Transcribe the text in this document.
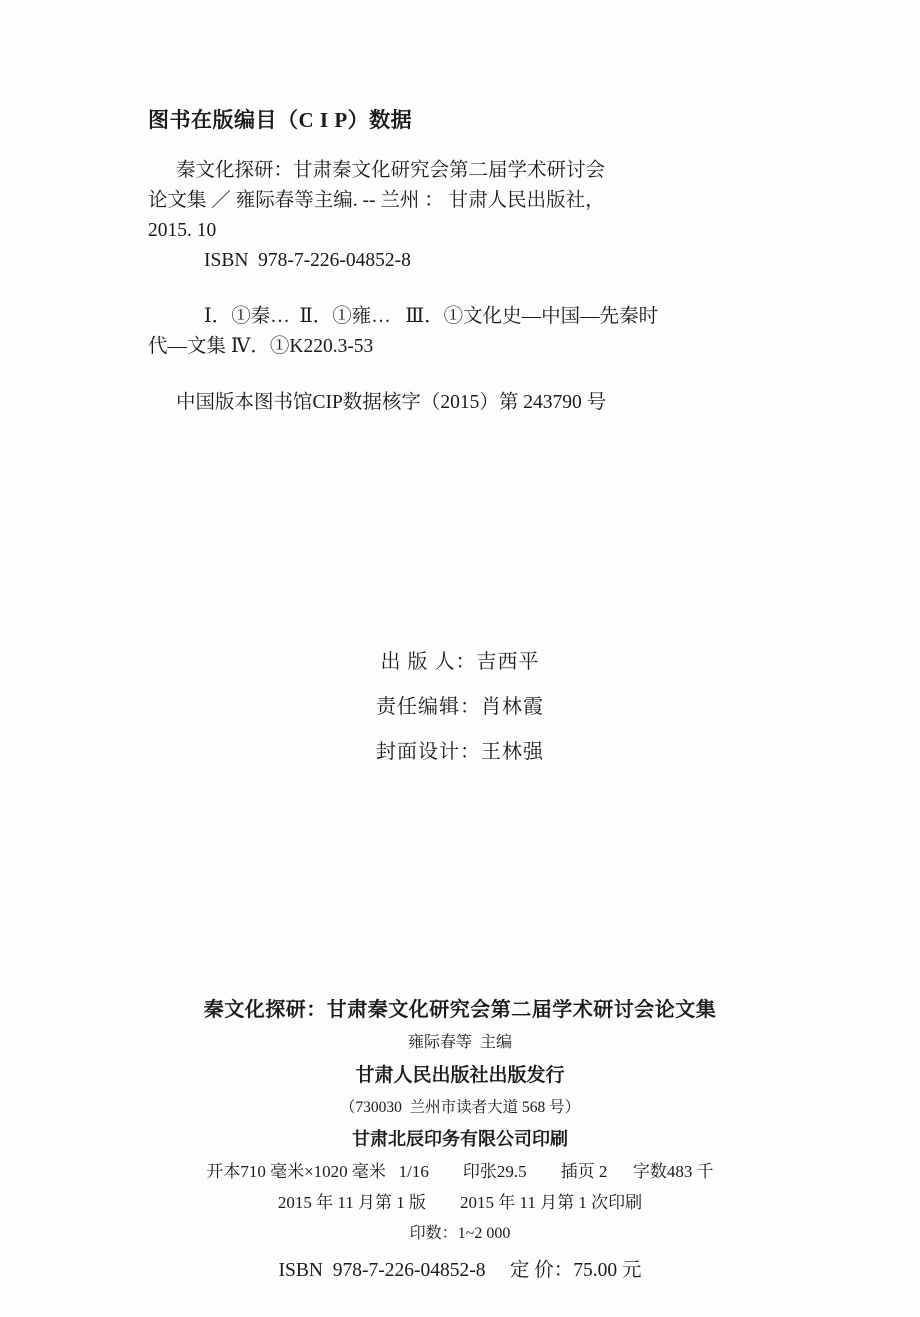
图书在版编目（C I P）数据
秦文化探研：甘肃秦文化研究会第二届学术研讨会
论文集 ／ 雍际春等主编. -- 兰州 ： 甘肃人民出版社，
2015. 10
ISBN  978-7-226-04852-8
Ⅰ．①秦…  Ⅱ．①雍…   Ⅲ．①文化史—中国—先秦时
代—文集 Ⅳ．①K220.3-53
中国版本图书馆CIP数据核字（2015）第 243790 号
出 版 人：吉西平
责任编辑：肖林霞
封面设计：王林强
秦文化探研：甘肃秦文化研究会第二届学术研讨会论文集
雍际春等  主编
甘肃人民出版社出版发行
（730030  兰州市读者大道 568 号）
甘肃北辰印务有限公司印刷
开本710 毫米×1020 毫米   1/16        印张29.5        插页 2      字数483 千
2015 年 11 月第 1 版        2015 年 11 月第 1 次印刷
印数：1~2 000
ISBN  978-7-226-04852-8     定 价：75.00 元
